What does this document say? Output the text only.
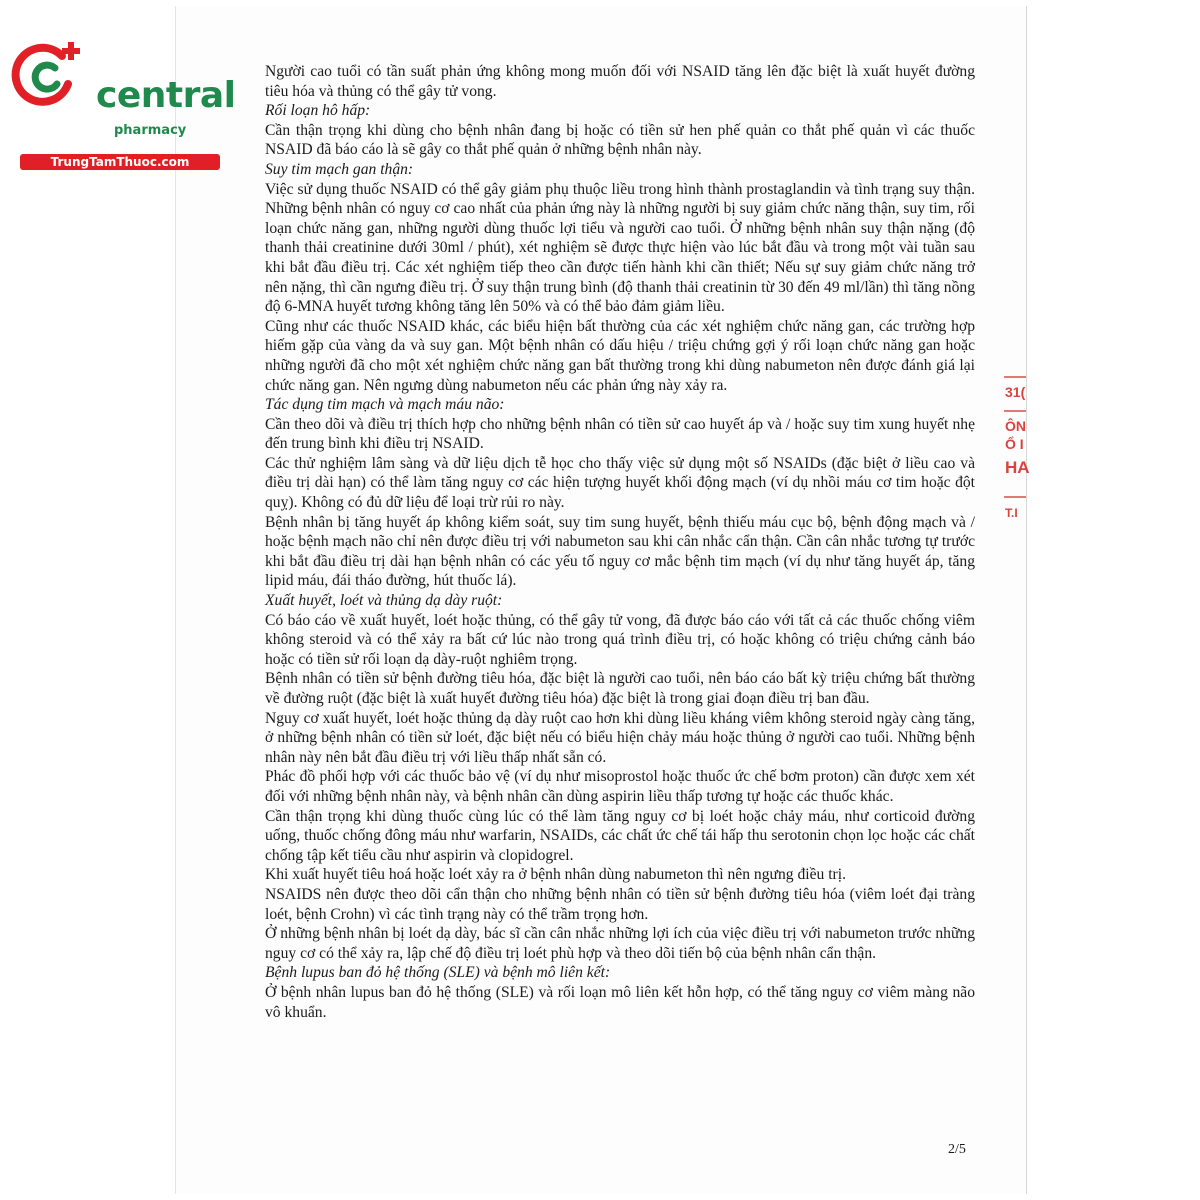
central
pharmacy
TrungTamThuoc.com

Người cao tuổi có tần suất phản ứng không mong muốn đối với NSAID tăng lên đặc biệt là xuất huyết đường tiêu hóa và thủng có thể gây tử vong.

Rối loạn hô hấp:

Cần thận trọng khi dùng cho bệnh nhân đang bị hoặc có tiền sử hen phế quản co thắt phế quản vì các thuốc NSAID đã báo cáo là sẽ gây co thắt phế quản ở những bệnh nhân này.

Suy tim mạch gan thận:

Việc sử dụng thuốc NSAID có thể gây giảm phụ thuộc liều trong hình thành prostaglandin và tình trạng suy thận. Những bệnh nhân có nguy cơ cao nhất của phản ứng này là những người bị suy giảm chức năng thận, suy tim, rối loạn chức năng gan, những người dùng thuốc lợi tiểu và người cao tuổi. Ở những bệnh nhân suy thận nặng (độ thanh thải creatinine dưới 30ml / phút), xét nghiệm sẽ được thực hiện vào lúc bắt đầu và trong một vài tuần sau khi bắt đầu điều trị. Các xét nghiệm tiếp theo cần được tiến hành khi cần thiết; Nếu sự suy giảm chức năng trở nên nặng, thì cần ngưng điều trị. Ở suy thận trung bình (độ thanh thải creatinin từ 30 đến 49 ml/lần) thì tăng nồng độ 6-MNA huyết tương không tăng lên 50% và có thể bảo đảm giảm liều.

Cũng như các thuốc NSAID khác, các biểu hiện bất thường của các xét nghiệm chức năng gan, các trường hợp hiếm gặp của vàng da và suy gan. Một bệnh nhân có dấu hiệu / triệu chứng gợi ý rối loạn chức năng gan hoặc những người đã cho một xét nghiệm chức năng gan bất thường trong khi dùng nabumeton nên được đánh giá lại chức năng gan. Nên ngưng dùng nabumeton nếu các phản ứng này xảy ra.

Tác dụng tim mạch và mạch máu não:

Cần theo dõi và điều trị thích hợp cho những bệnh nhân có tiền sử cao huyết áp và / hoặc suy tim xung huyết nhẹ đến trung bình khi điều trị NSAID.

Các thử nghiệm lâm sàng và dữ liệu dịch tễ học cho thấy việc sử dụng một số NSAIDs (đặc biệt ở liều cao và điều trị dài hạn) có thể làm tăng nguy cơ các hiện tượng huyết khối động mạch (ví dụ nhồi máu cơ tim hoặc đột quỵ). Không có đủ dữ liệu để loại trừ rủi ro này.

Bệnh nhân bị tăng huyết áp không kiểm soát, suy tim sung huyết, bệnh thiếu máu cục bộ, bệnh động mạch và / hoặc bệnh mạch não chỉ nên được điều trị với nabumeton sau khi cân nhắc cẩn thận. Cần cân nhắc tương tự trước khi bắt đầu điều trị dài hạn bệnh nhân có các yếu tố nguy cơ mắc bệnh tim mạch (ví dụ như tăng huyết áp, tăng lipid máu, đái tháo đường, hút thuốc lá).

Xuất huyết, loét và thủng dạ dày ruột:

Có báo cáo về xuất huyết, loét hoặc thủng, có thể gây tử vong, đã được báo cáo với tất cả các thuốc chống viêm không steroid và có thể xảy ra bất cứ lúc nào trong quá trình điều trị, có hoặc không có triệu chứng cảnh báo hoặc có tiền sử rối loạn dạ dày-ruột nghiêm trọng.

Bệnh nhân có tiền sử bệnh đường tiêu hóa, đặc biệt là người cao tuổi, nên báo cáo bất kỳ triệu chứng bất thường về đường ruột (đặc biệt là xuất huyết đường tiêu hóa) đặc biệt là trong giai đoạn điều trị ban đầu.

Nguy cơ xuất huyết, loét hoặc thủng dạ dày ruột cao hơn khi dùng liều kháng viêm không steroid ngày càng tăng, ở những bệnh nhân có tiền sử loét, đặc biệt nếu có biểu hiện chảy máu hoặc thủng ở người cao tuổi. Những bệnh nhân này nên bắt đầu điều trị với liều thấp nhất sẵn có.

Phác đồ phối hợp với các thuốc bảo vệ (ví dụ như misoprostol hoặc thuốc ức chế bơm proton) cần được xem xét đối với những bệnh nhân này, và bệnh nhân cần dùng aspirin liều thấp tương tự hoặc các thuốc khác.

Cần thận trọng khi dùng thuốc cùng lúc có thể làm tăng nguy cơ bị loét hoặc chảy máu, như corticoid đường uống, thuốc chống đông máu như warfarin, NSAIDs, các chất ức chế tái hấp thu serotonin chọn lọc hoặc các chất chống tập kết tiểu cầu như aspirin và clopidogrel.

Khi xuất huyết tiêu hoá hoặc loét xảy ra ở bệnh nhân dùng nabumeton thì nên ngưng điều trị.

NSAIDS nên được theo dõi cẩn thận cho những bệnh nhân có tiền sử bệnh đường tiêu hóa (viêm loét đại tràng loét, bệnh Crohn) vì các tình trạng này có thể trầm trọng hơn.

Ở những bệnh nhân bị loét dạ dày, bác sĩ cần cân nhắc những lợi ích của việc điều trị với nabumeton trước những nguy cơ có thể xảy ra, lập chế độ điều trị loét phù hợp và theo dõi tiến bộ của bệnh nhân cẩn thận.

Bệnh lupus ban đỏ hệ thống (SLE) và bệnh mô liên kết:

Ở bệnh nhân lupus ban đỏ hệ thống (SLE) và rối loạn mô liên kết hỗn hợp, có thể tăng nguy cơ viêm màng não vô khuẩn.

2/5
31(
ÔN
Ổ I
HA
T.I
